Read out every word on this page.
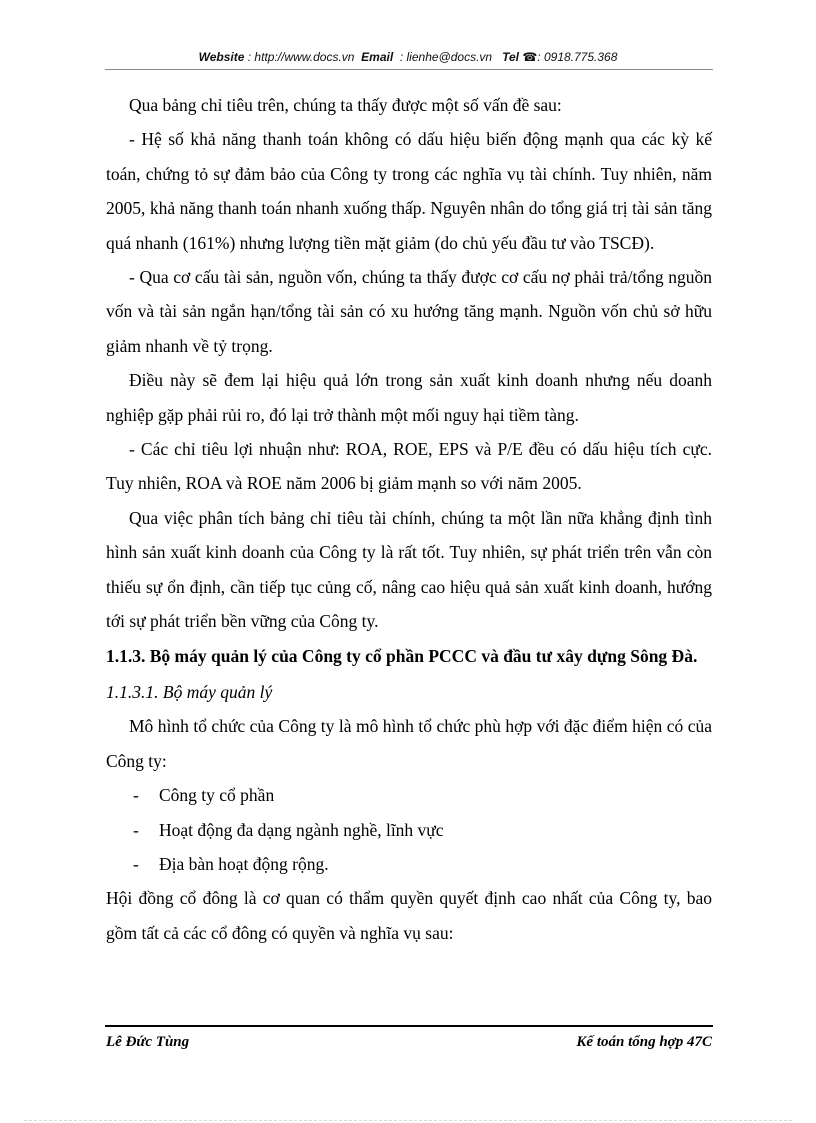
Website : http://www.docs.vn Email : lienhe@docs.vn Tel ☎: 0918.775.368

Qua bảng chỉ tiêu trên, chúng ta thấy được một số vấn đề sau:

- Hệ số khả năng thanh toán không có dấu hiệu biến động mạnh qua các kỳ kế toán, chứng tỏ sự đảm bảo của Công ty trong các nghĩa vụ tài chính. Tuy nhiên, năm 2005, khả năng thanh toán nhanh xuống thấp. Nguyên nhân do tổng giá trị tài sản tăng quá nhanh (161%) nhưng lượng tiền mặt giảm (do chủ yếu đầu tư vào TSCĐ).

- Qua cơ cấu tài sản, nguồn vốn, chúng ta thấy được cơ cấu nợ phải trả/tổng nguồn vốn và tài sản ngắn hạn/tổng tài sản có xu hướng tăng mạnh. Nguồn vốn chủ sở hữu giảm nhanh về tỷ trọng.

Điều này sẽ đem lại hiệu quả lớn trong sản xuất kinh doanh nhưng nếu doanh nghiệp gặp phải rủi ro, đó lại trở thành một mối nguy hại tiềm tàng.

- Các chỉ tiêu lợi nhuận như: ROA, ROE, EPS và P/E đều có dấu hiệu tích cực. Tuy nhiên, ROA và ROE năm 2006 bị giảm mạnh so với năm 2005.

Qua việc phân tích bảng chỉ tiêu tài chính, chúng ta một lần nữa khẳng định tình hình sản xuất kinh doanh của Công ty là rất tốt. Tuy nhiên, sự phát triển trên vẫn còn thiếu sự ổn định, cần tiếp tục củng cố, nâng cao hiệu quả sản xuất kinh doanh, hướng tới sự phát triển bền vững của Công ty.

1.1.3. Bộ máy quản lý của Công ty cổ phần PCCC và đầu tư xây dựng Sông Đà.

1.1.3.1. Bộ máy quản lý

Mô hình tổ chức của Công ty là mô hình tổ chức phù hợp với đặc điểm hiện có của Công ty:

- Công ty cổ phần
- Hoạt động đa dạng ngành nghề, lĩnh vực
- Địa bàn hoạt động rộng.

Hội đồng cổ đông là cơ quan có thẩm quyền quyết định cao nhất của Công ty, bao gồm tất cả các cổ đông có quyền và nghĩa vụ sau:

Lê Đức Tùng	Kế toán tổng hợp 47C
